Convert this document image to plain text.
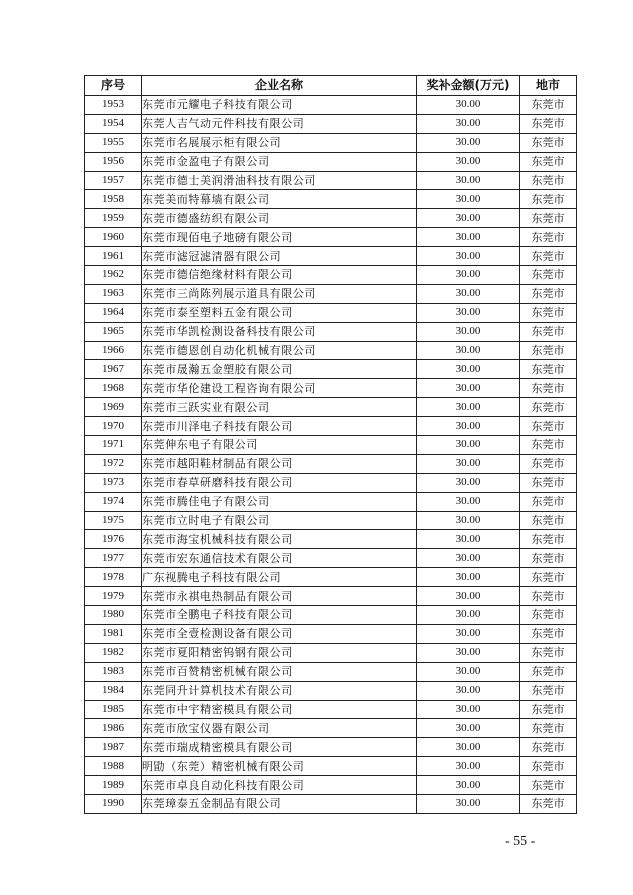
序号	企业名称	奖补金额(万元)	地市
1953	东莞市元耀电子科技有限公司	30.00	东莞市
1954	东莞人吉气动元件科技有限公司	30.00	东莞市
1955	东莞市名展展示柜有限公司	30.00	东莞市
1956	东莞市金盈电子有限公司	30.00	东莞市
1957	东莞市德士美润滑油科技有限公司	30.00	东莞市
1958	东莞美而特幕墙有限公司	30.00	东莞市
1959	东莞市德盛纺织有限公司	30.00	东莞市
1960	东莞市现佰电子地磅有限公司	30.00	东莞市
1961	东莞市滤冠滤清器有限公司	30.00	东莞市
1962	东莞市德信绝缘材料有限公司	30.00	东莞市
1963	东莞市三尚陈列展示道具有限公司	30.00	东莞市
1964	东莞市泰至塑料五金有限公司	30.00	东莞市
1965	东莞市华凯检测设备科技有限公司	30.00	东莞市
1966	东莞市德恩创自动化机械有限公司	30.00	东莞市
1967	东莞市晟瀚五金塑胶有限公司	30.00	东莞市
1968	东莞市华伦建设工程咨询有限公司	30.00	东莞市
1969	东莞市三跃实业有限公司	30.00	东莞市
1970	东莞市川泽电子科技有限公司	30.00	东莞市
1971	东莞伸东电子有限公司	30.00	东莞市
1972	东莞市越阳鞋材制品有限公司	30.00	东莞市
1973	东莞市春草研磨科技有限公司	30.00	东莞市
1974	东莞市腾佳电子有限公司	30.00	东莞市
1975	东莞市立时电子有限公司	30.00	东莞市
1976	东莞市海宝机械科技有限公司	30.00	东莞市
1977	东莞市宏东通信技术有限公司	30.00	东莞市
1978	广东视腾电子科技有限公司	30.00	东莞市
1979	东莞市永祺电热制品有限公司	30.00	东莞市
1980	东莞市全鹏电子科技有限公司	30.00	东莞市
1981	东莞市全壹检测设备有限公司	30.00	东莞市
1982	东莞市夏阳精密钨钢有限公司	30.00	东莞市
1983	东莞市百赞精密机械有限公司	30.00	东莞市
1984	东莞同升计算机技术有限公司	30.00	东莞市
1985	东莞市中宇精密模具有限公司	30.00	东莞市
1986	东莞市欣宝仪器有限公司	30.00	东莞市
1987	东莞市瑞成精密模具有限公司	30.00	东莞市
1988	明勖（东莞）精密机械有限公司	30.00	东莞市
1989	东莞市卓良自动化科技有限公司	30.00	东莞市
1990	东莞璋泰五金制品有限公司	30.00	东莞市
- 55 -
